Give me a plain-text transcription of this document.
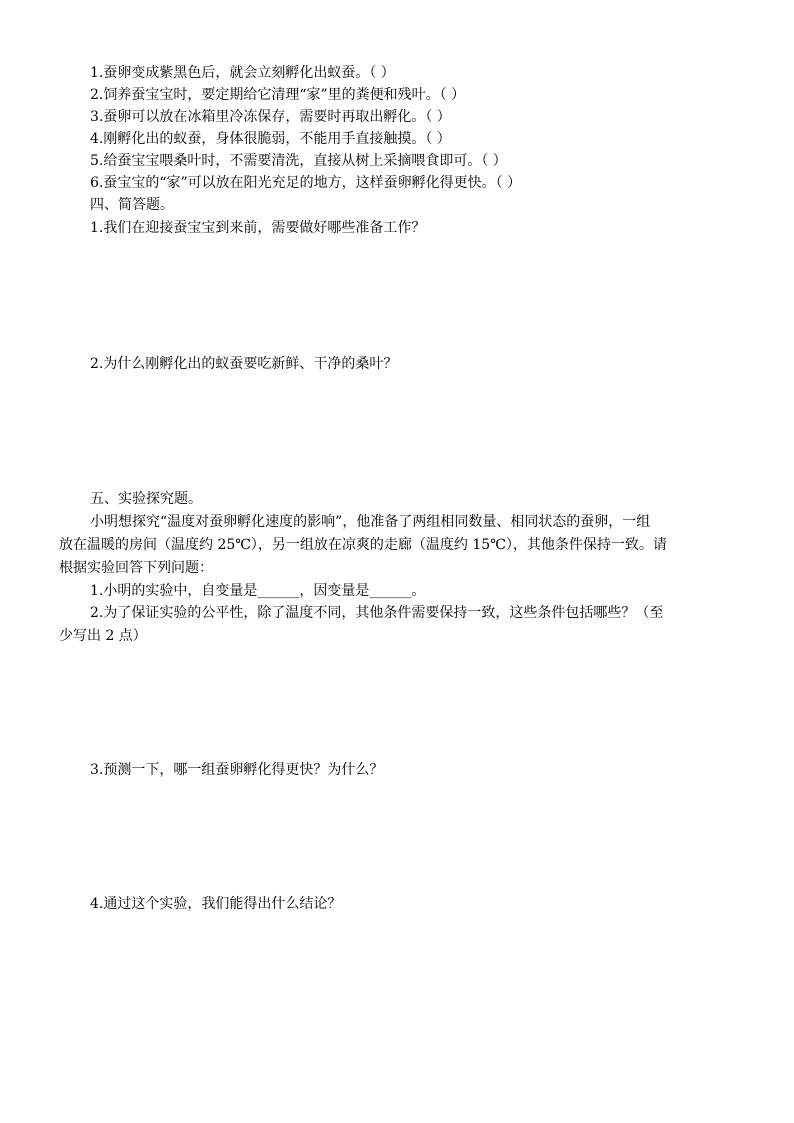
1.蚕卵变成紫黑色后，就会立刻孵化出蚁蚕。（ ）
2.饲养蚕宝宝时，要定期给它清理“家”里的粪便和残叶。（ ）
3.蚕卵可以放在冰箱里冷冻保存，需要时再取出孵化。（ ）
4.刚孵化出的蚁蚕，身体很脆弱，不能用手直接触摸。（ ）
5.给蚕宝宝喂桑叶时，不需要清洗，直接从树上采摘喂食即可。（ ）
6.蚕宝宝的“家”可以放在阳光充足的地方，这样蚕卵孵化得更快。（ ）
四、简答题。
1.我们在迎接蚕宝宝到来前，需要做好哪些准备工作？
2.为什么刚孵化出的蚁蚕要吃新鲜、干净的桑叶？
五、实验探究题。
小明想探究“温度对蚕卵孵化速度的影响”，他准备了两组相同数量、相同状态的蚕卵，一组
放在温暖的房间（温度约 25℃），另一组放在凉爽的走廊（温度约 15℃），其他条件保持一致。请
根据实验回答下列问题：
1.小明的实验中，自变量是______，因变量是______。
2.为了保证实验的公平性，除了温度不同，其他条件需要保持一致，这些条件包括哪些？（至
少写出 2 点）
3.预测一下，哪一组蚕卵孵化得更快？为什么？
4.通过这个实验，我们能得出什么结论？
